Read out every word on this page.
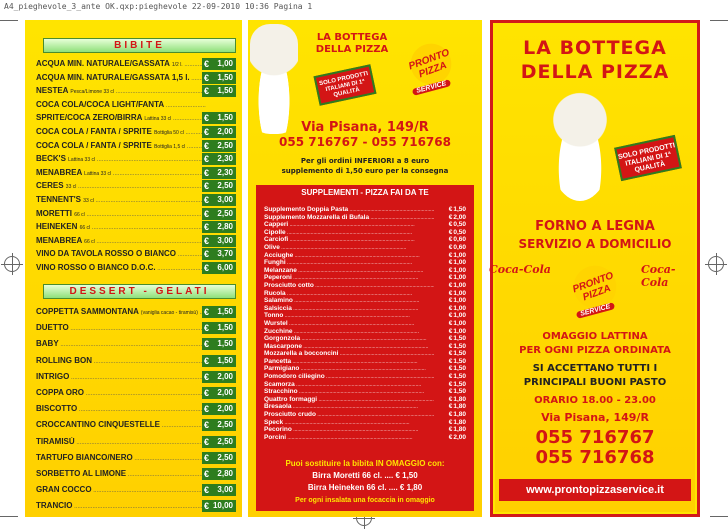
A4_pieghevole_3_ante OK.qxp:pieghevole 22-09-2010 10:36 Pagina 1
BIBITE
ACQUA MIN. NATURALE/GASSATA 1/2 l. .....	€ 1,00
ACQUA MIN. NATURALE/GASSATA 1,5 l. .....	€ 1,50
NESTEA Pesca/Limone 33 cl .....	€ 1,50
COCA COLA/COCA LIGHT/FANTA .....
SPRITE/COCA ZERO/BIRRA Lattina 33 cl .....	€ 1,50
COCA COLA / FANTA / SPRITE Bottiglia 50 cl .....	€ 2,00
COCA COLA / FANTA / SPRITE Bottiglia 1,5 cl .....	€ 2,50
BECK'S Lattina 33 cl .....	€ 2,30
MENABREA Lattina 33 cl .....	€ 2,30
CERES 33 cl .....	€ 2,50
TENNENT'S 33 cl .....	€ 3,00
MORETTI 66 cl .....	€ 2,50
HEINEKEN 66 cl .....	€ 2,80
MENABREA 66 cl .....	€ 3,00
VINO DA TAVOLA ROSSO O BIANCO .....	€ 3,70
VINO ROSSO O BIANCO D.O.C. .....	€ 6,00
DESSERT - GELATI
COPPETTA SAMMONTANA (vaniglia cacao - tiramisù) .....	€ 1,50
DUETTO .....	€ 1,50
BABY .....	€ 1,50
ROLLING BON .....	€ 1,50
INTRIGO .....	€ 2,00
COPPA ORO .....	€ 2,00
BISCOTTO .....	€ 2,00
CROCCANTINO CINQUESTELLE .....	€ 2,50
TIRAMISÙ .....	€ 2,50
TARTUFO BIANCO/NERO .....	€ 2,50
SORBETTO AL LIMONE .....	€ 2,80
GRAN COCCO .....	€ 3,00
TRANCIO .....	€ 10,00
LA BOTTEGA
DELLA PIZZA
SOLO PRODOTTI ITALIANI DI 1ª QUALITÀ
PRONTO PIZZA
SERVICE
Via Pisana, 149/R
055 716767 - 055 716768
Per gli ordini INFERIORI a 8 euro
supplemento di 1,50 euro per la consegna
SUPPLEMENTI - PIZZA FAI DA TE
Supplemento Doppia Pasta .....	€ 1,50
Supplemento Mozzarella di Bufala .....	€ 2,00
Capperi .....	€ 0,50
Cipolle .....	€ 0,50
Carciofi .....	€ 0,60
Olive .....	€ 0,60
Acciughe .....	€ 1,00
Funghi .....	€ 1,00
Melanzane .....	€ 1,00
Peperoni .....	€ 1,00
Prosciutto cotto .....	€ 1,00
Rucola .....	€ 1,00
Salamino .....	€ 1,00
Salsiccia .....	€ 1,00
Tonno .....	€ 1,00
Wurstel .....	€ 1,00
Zucchine .....	€ 1,00
Gorgonzola .....	€ 1,50
Mascarpone .....	€ 1,50
Mozzarella a bocconcini .....	€ 1,50
Pancetta .....	€ 1,50
Parmigiano .....	€ 1,50
Pomodoro ciliegino .....	€ 1,50
Scamorza .....	€ 1,50
Stracchino .....	€ 1,50
Quattro formaggi .....	€ 1,80
Bresaola .....	€ 1,80
Prosciutto crudo .....	€ 1,80
Speck .....	€ 1,80
Pecorino .....	€ 1,80
Porcini .....	€ 2,00
Puoi sostituire la bibita IN OMAGGIO con:
Birra Moretti 66 cl. .... € 1,50
Birra Heineken 66 cl. .... € 1,80
Per ogni insalata una focaccia in omaggio
LA BOTTEGA
DELLA PIZZA
SOLO PRODOTTI ITALIANI DI 1ª QUALITÀ
FORNO A LEGNA
SERVIZIO A DOMICILIO
Coca-Cola	Coca-Cola
PRONTO PIZZA
SERVICE
OMAGGIO LATTINA
PER OGNI PIZZA ORDINATA
SI ACCETTANO TUTTI I
PRINCIPALI BUONI PASTO
ORARIO 18.00 - 23.00
Via Pisana, 149/R
055 716767
055 716768
www.prontopizzaservice.it
